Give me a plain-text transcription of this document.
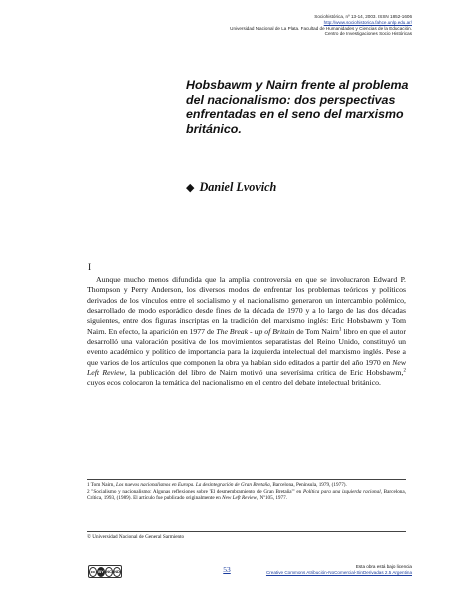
Sociohistórica, nº 13-14, 2003. ISSN 1852-1606
http://www.sociohistorica.fahce.unlp.edu.ar/
Universidad Nacional de La Plata. Facultad de Humanidades y Ciencias de la Educación.
Centro de Investigaciones Socio Históricas
Hobsbawm y Nairn frente al problema del nacionalismo: dos perspectivas enfrentadas en el seno del marxismo británico.
◆ Daniel Lvovich
I

Aunque mucho menos difundida que la amplia controversia en que se involucraron Edward P. Thompson y Perry Anderson, los diversos modos de enfrentar los problemas teóricos y políticos derivados de los vínculos entre el socialismo y el nacionalismo generaron un intercambio polémico, desarrollado de modo esporádico desde fines de la década de 1970 y a lo largo de las dos décadas siguientes, entre dos figuras inscriptas en la tradición del marxismo inglés: Eric Hobsbawm y Tom Nairn. En efecto, la aparición en 1977 de The Break - up of Britain de Tom Nairn$^1$ libro en que el autor desarrolló una valoración positiva de los movimientos separatistas del Reino Unido, constituyó un evento académico y político de importancia para la izquierda intelectual del marxismo inglés. Pese a que varios de los artículos que componen la obra ya habían sido editados a partir del año 1970 en New Left Review, la publicación del libro de Nairn motivó una severísima crítica de Eric Hobsbawm,$^2$ cuyos ecos colocaron la temática del nacionalismo en el centro del debate intelectual británico.

1 Tom Nairn, Los nuevos nacionalismos en Europa. La desintegración de Gran Bretaña, Barcelona, Península, 1979, (1977).

2 "Socialismo y nacionalismo: Algunas reflexiones sobre 'El desmembramiento de Gran Bretaña'" en Política para una izquierda racional, Barcelona, Crítica, 1993, (1989). El artículo fue publicado originalmente en New Left Review, Nº105, 1977.

© Universidad Nacional de General Sarmiento
cc BY NC ND	53	Esta obra está bajo licencia
Creative Commons Atribución-NoComercial-SinDerivadas 2.5 Argentina
